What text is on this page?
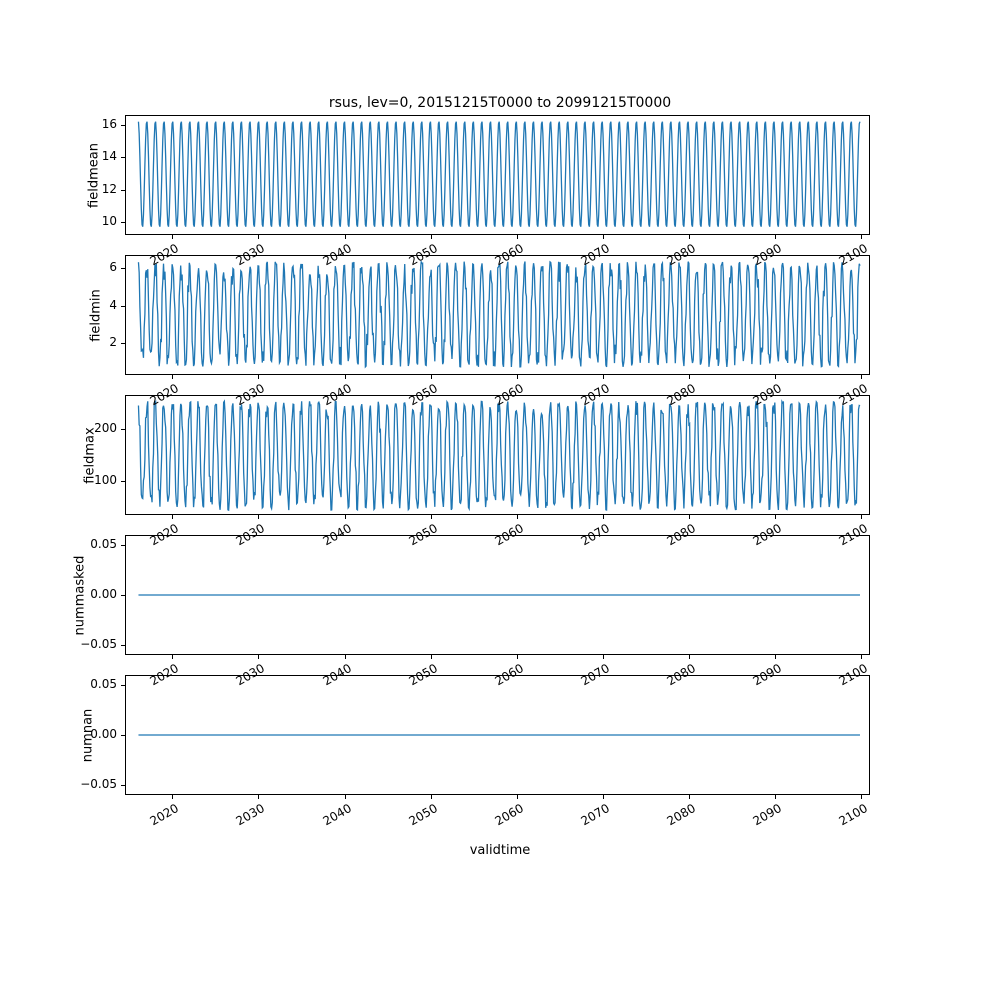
rsus, lev=0, 20151215T0000 to 20991215T0000
fieldmean
fieldmin
fieldmax
nummasked
numnan
validtime
10
12
14
16
2
4
6
100
200
−0.05
0.00
0.05
−0.05
0.00
0.05
2020	2030	2040	2050	2060	2070	2080	2090	2100
2020	2030	2040	2050	2060	2070	2080	2090	2100
2020	2030	2040	2050	2060	2070	2080	2090	2100
2020	2030	2040	2050	2060	2070	2080	2090	2100
2020	2030	2040	2050	2060	2070	2080	2090	2100
